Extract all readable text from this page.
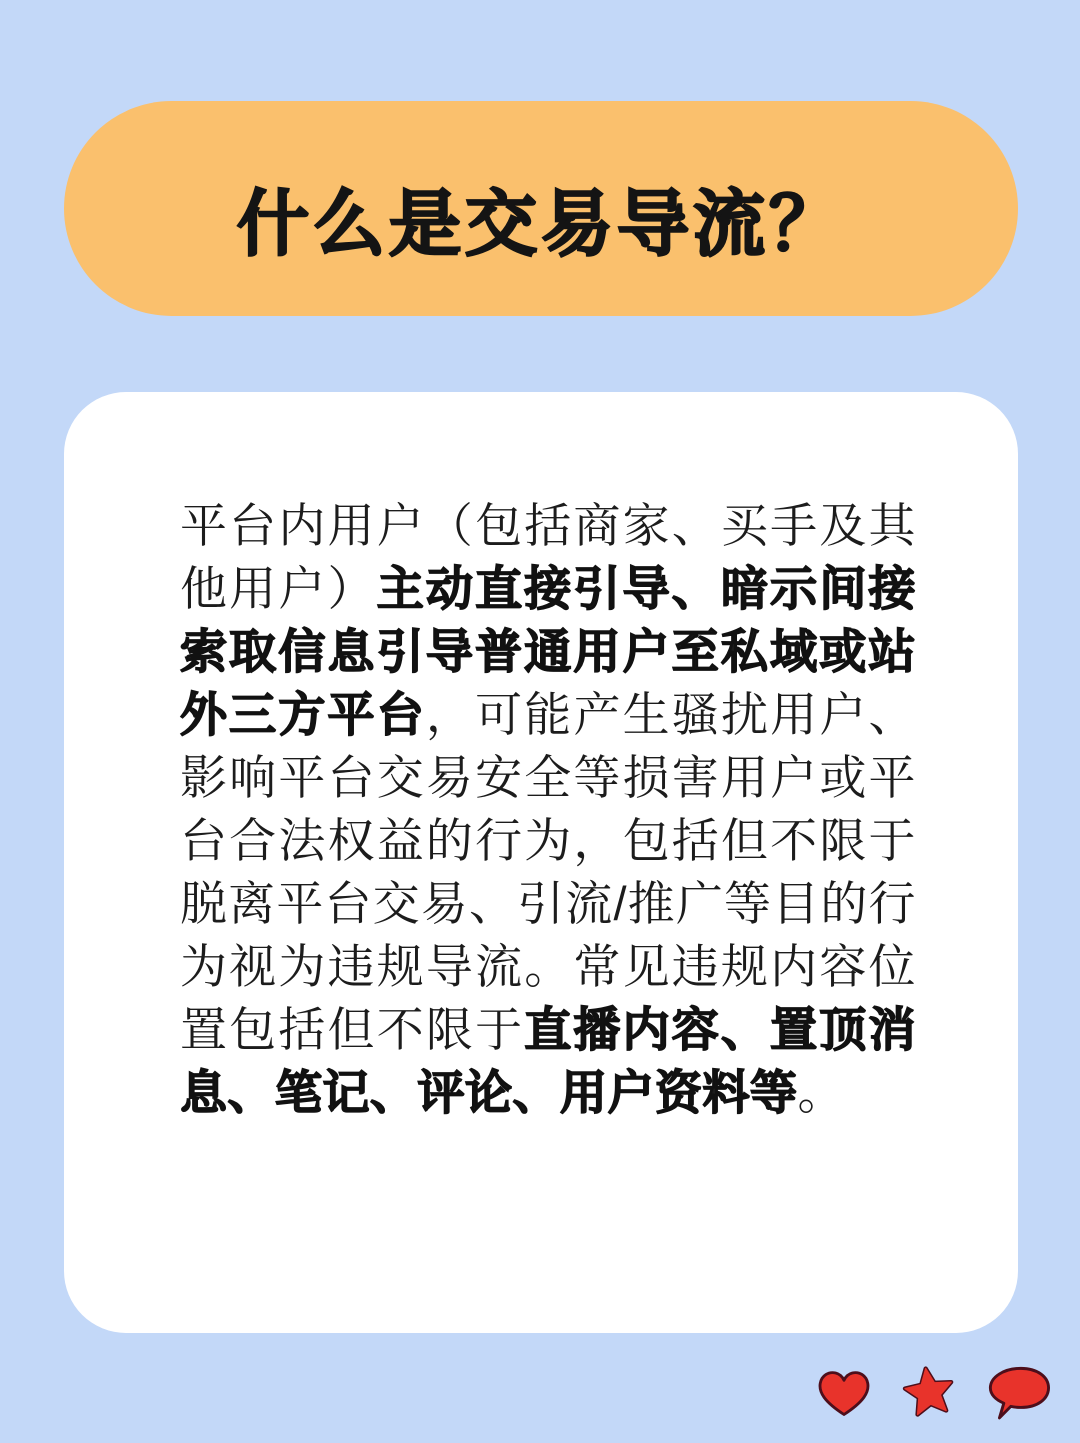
什么是交易导流？

平台内用户（包括商家、买手及其他用户）主动直接引导、暗示间接索取信息引导普通用户至私域或站外三方平台，可能产生骚扰用户、影响平台交易安全等损害用户或平台合法权益的行为，包括但不限于脱离平台交易、引流/推广等目的行为视为违规导流。常见违规内容位置包括但不限于直播内容、置顶消息、笔记、评论、用户资料等。
